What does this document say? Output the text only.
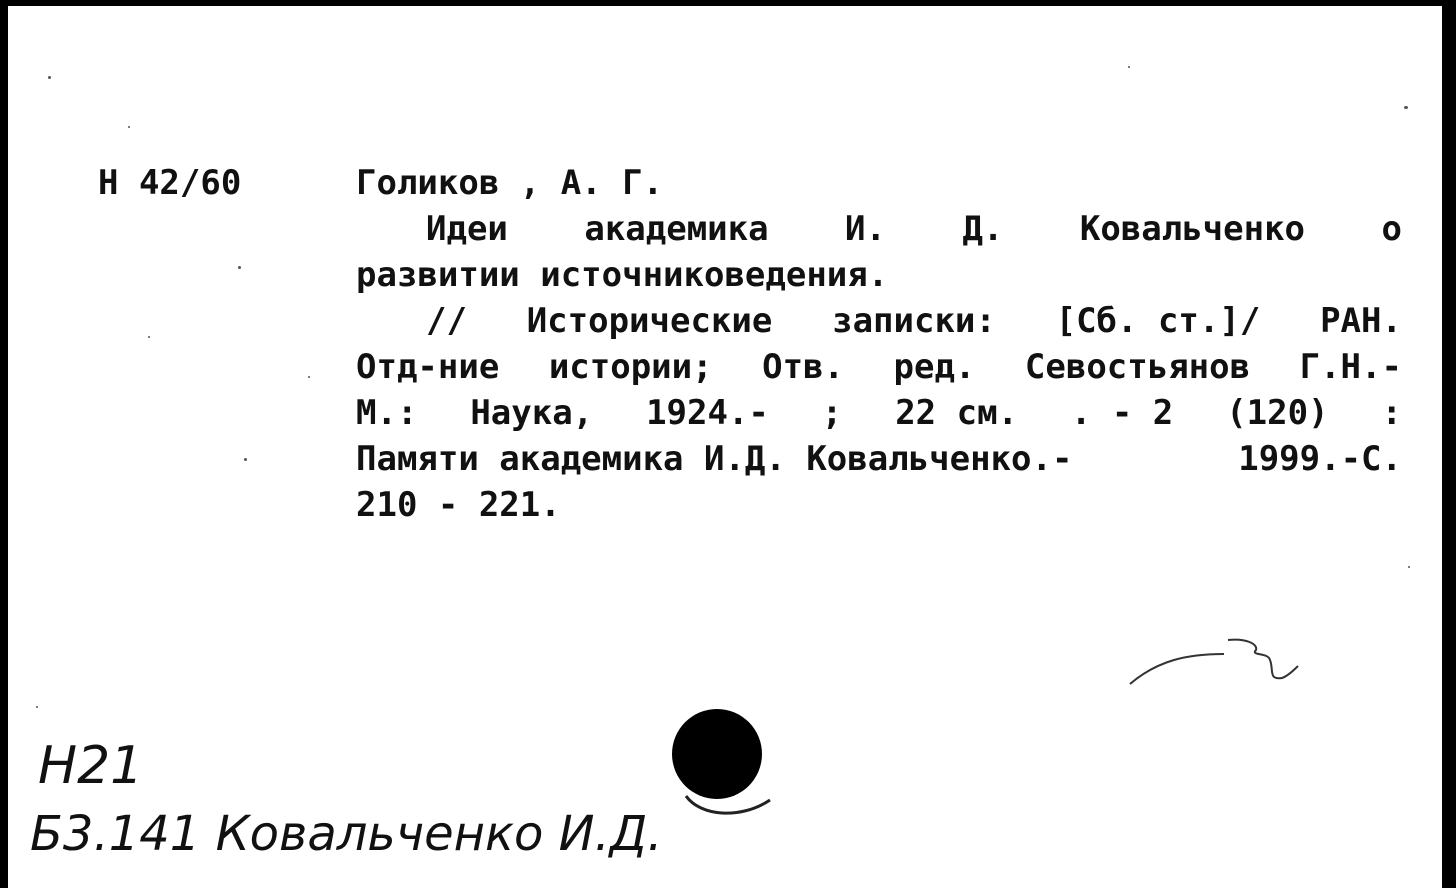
Н 42/60	Голиков , А. Г.
Идеи академика И. Д. Ковальченко о
развитии источниковедения.
// Исторические записки: [Сб. ст.]/ РАН.
Отд-ние истории; Отв. ред. Севостьянов Г.Н.-
М.: Наука, 1924.- ; 22 см. . - 2 (120) :
Памяти академика И.Д. Ковальченко.-	1999.-С.
210 - 221.
Н21
Б3.141 Ковальченко И.Д.
